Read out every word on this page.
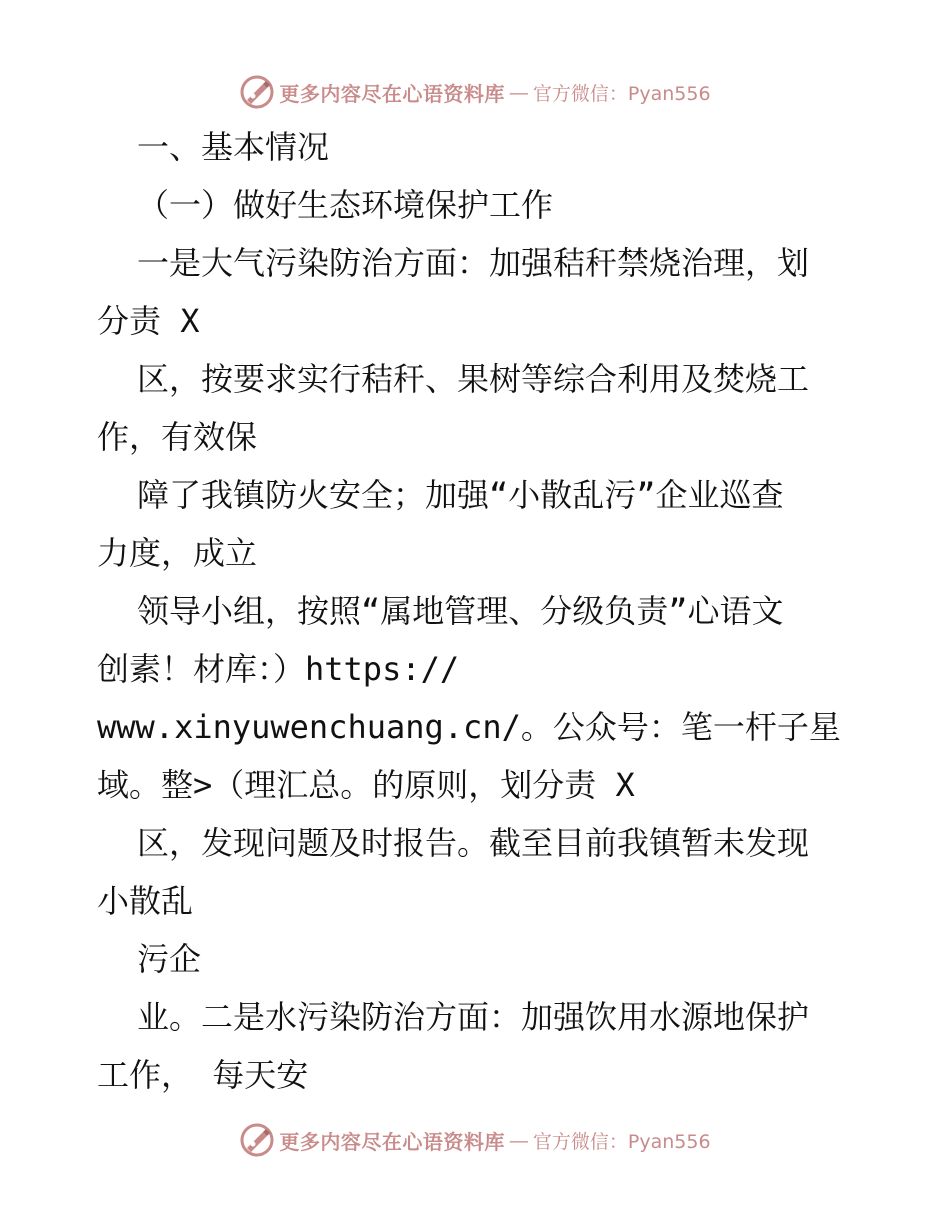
更多内容尽在心语资料库 — 官方微信：Pyan556
一、基本情况
（一）做好生态环境保护工作
一是大气污染防治方面：加强秸秆禁烧治理，划
分责 X
区，按要求实行秸秆、果树等综合利用及焚烧工
作，有效保
障了我镇防火安全；加强“小散乱污”企业巡查
力度，成立
领导小组，按照“属地管理、分级负责”心语文
创素！材库：）https://
www.xinyuwenchuang.cn/。公众号：笔一杆子星
域。整>（理汇总。的原则，划分责 X
区，发现问题及时报告。截至目前我镇暂未发现
小散乱
污企
业。二是水污染防治方面：加强饮用水源地保护
工作， 每天安
更多内容尽在心语资料库 — 官方微信：Pyan556
